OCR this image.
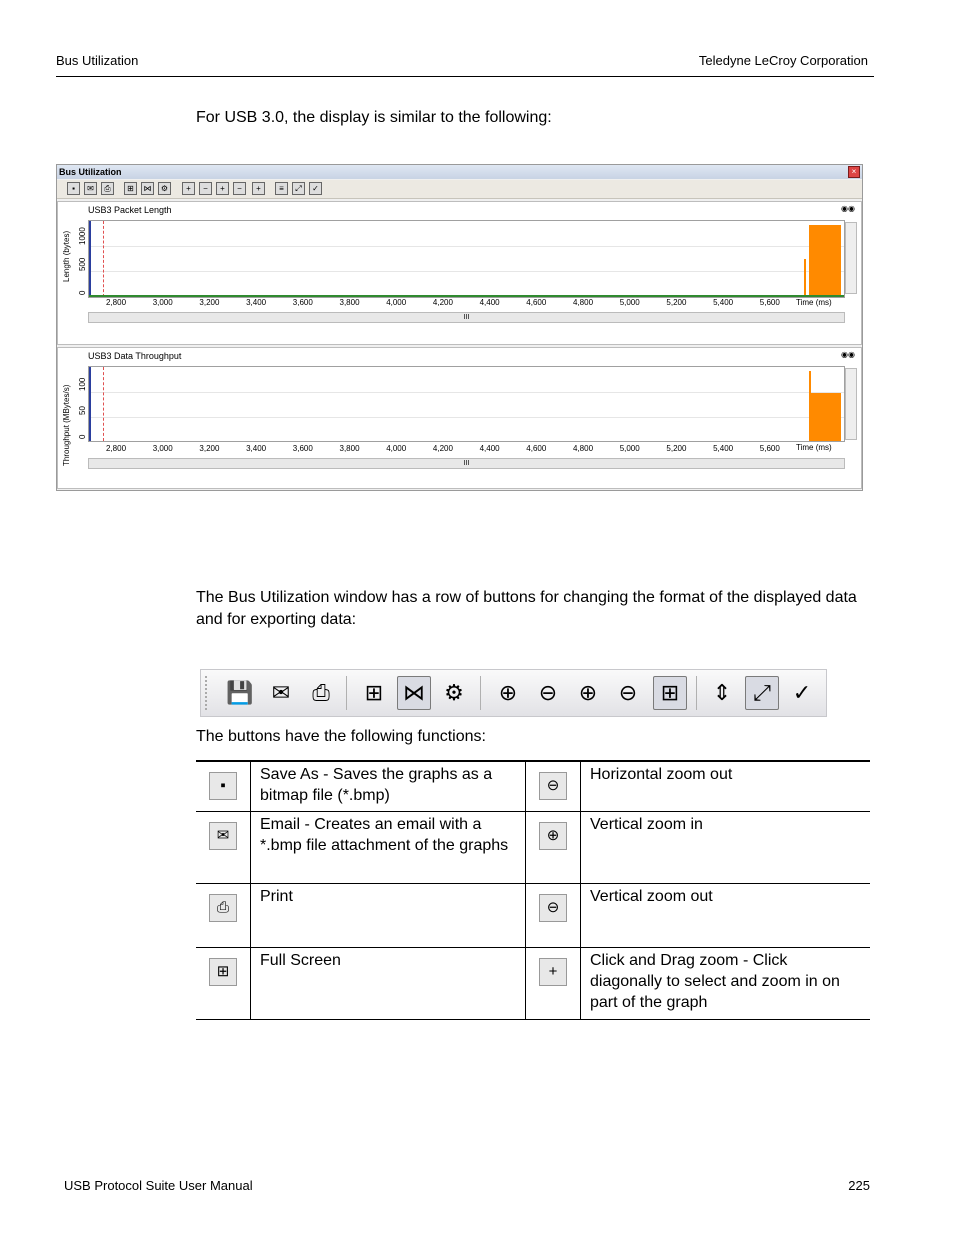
Bus Utilization	Teledyne LeCroy Corporation
For USB 3.0, the display is similar to the following:
Bus Utilization	×
▪	✉	⎙	⊞	⋈	⚙	+	−	+	−	+	≡	⤢	✓
USB3 Packet Length	◉◉
Length (bytes)
0
500
1000
2,800	3,000	3,200	3,400	3,600	3,800	4,000	4,200	4,400	4,600	4,800	5,000	5,200	5,400	5,600 Time (ms)
III
USB3 Data Throughput	◉◉
Throughput (MBytes/s) 0
50
100
2,800	3,000	3,200	3,400	3,600	3,800	4,000	4,200	4,400	4,600	4,800	5,000	5,200	5,400	5,600 Time (ms)
III
The Bus Utilization window has a row of buttons for changing the format of the displayed data and for exporting data:
💾 ✉ ⎙	⊞ ⋈ ⚙	⊕ ⊖ ⊕ ⊖	⊞	⇕ ⤢ ✓
The buttons have the following functions:
▪	Save As - Saves the graphs as a bitmap file (*.bmp)	⊖	Horizontal zoom out
✉	Email - Creates an email with a *.bmp file attachment of the graphs	⊕	Vertical zoom in
⎙	Print	⊖	Vertical zoom out
⊞	Full Screen	+	Click and Drag zoom - Click diagonally to select and zoom in on part of the graph
USB Protocol Suite User Manual	225
